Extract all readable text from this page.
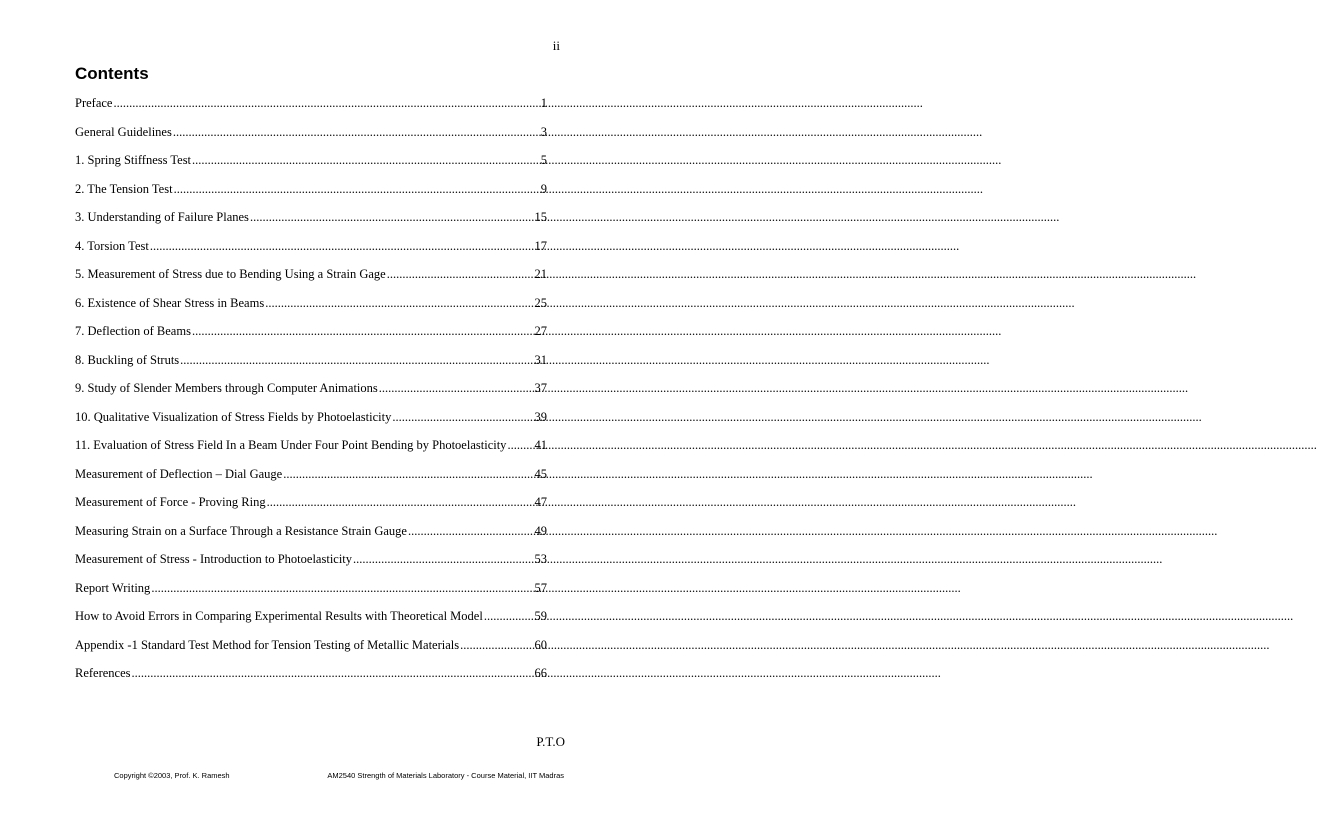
ii
Contents
Preface .....	1
General Guidelines .....	3
1. Spring Stiffness Test .....	5
2. The Tension Test .....	9
3. Understanding of Failure Planes .....	15
4. Torsion Test .....	17
5. Measurement of Stress due to Bending Using a Strain Gage .....	21
6. Existence of Shear Stress in Beams .....	25
7. Deflection of Beams .....	27
8. Buckling of Struts .....	31
9. Study of Slender Members through Computer Animations .....	37
10. Qualitative Visualization of Stress Fields by Photoelasticity .....	39
11. Evaluation of Stress Field In a Beam Under Four Point Bending by Photoelasticity ..... 41
Measurement of Deflection – Dial Gauge .....	45
Measurement of Force - Proving Ring .....	47
Measuring Strain on a Surface Through a Resistance Strain Gauge .....	49
Measurement of Stress - Introduction to Photoelasticity .....	53
Report Writing .....	57
How to Avoid Errors in Comparing Experimental Results with Theoretical Model .....	59
Appendix -1 Standard Test Method for Tension Testing of Metallic Materials .....	60
References .....	66
P.T.O
Copyright ©2003, Prof. K. Ramesh	AM2540 Strength of Materials Laboratory - Course Material, IIT Madras
